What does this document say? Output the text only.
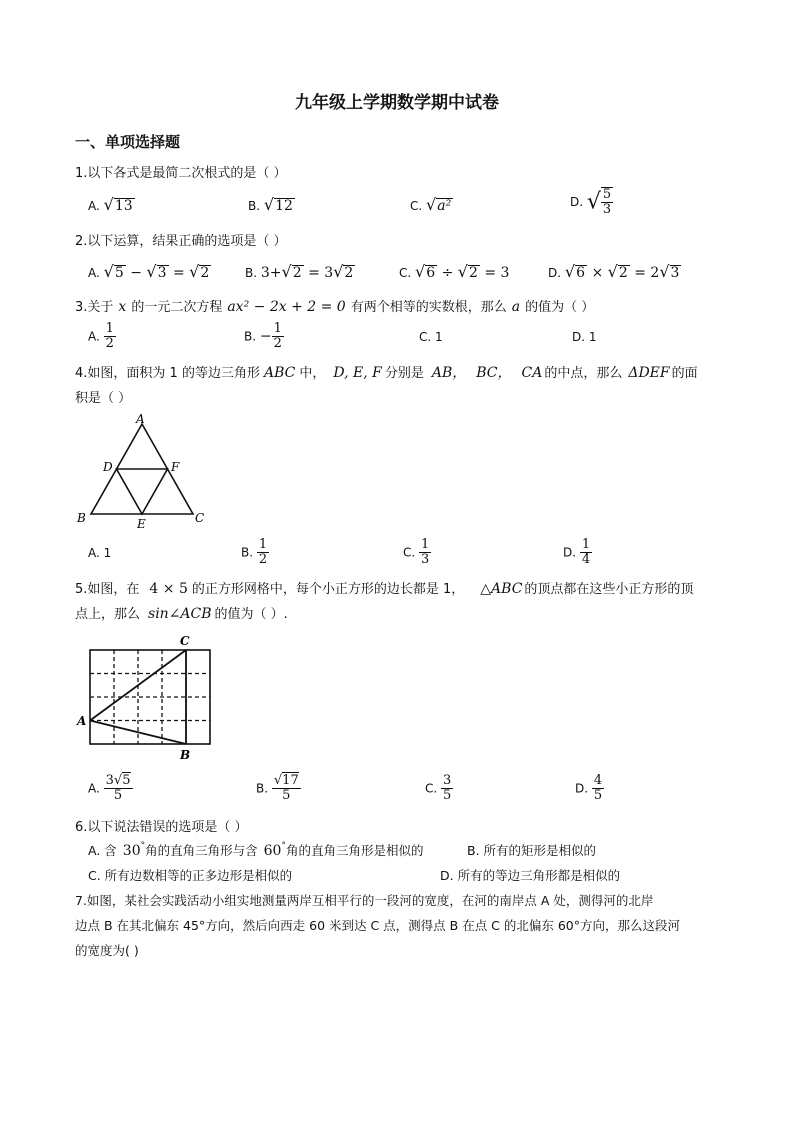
九年级上学期数学期中试卷
一、单项选择题
1.以下各式是最简二次根式的是（ ）
A. √13	B. √12	C. √a²	D. √ $\frac{5}{3}$
2.以下运算，结果正确的选项是（ ）
A. √5 − √3 = √2	B. 3+√2 = 3√2	C. √6 ÷ √2 = 3	D. √6 × √2 = 2√3
3.关于 x 的一元二次方程 ax² − 2x + 2 = 0 有两个相等的实数根，那么 a 的值为（ ）
A. $\frac{1}{2}$	B. − $\frac{1}{2}$	C. 1	D. 1
4.如图，面积为 1 的等边三角形 ABC 中， D, E, F 分别是 AB， BC， CA 的中点，那么 ΔDEF 的面
积是（ ）
A
B	C
D
E
F
A. 1	B. $\frac{1}{2}$	C. $\frac{1}{3}$	D. $\frac{1}{4}$
5.如图，在 4 × 5 的正方形网格中，每个小正方形的边长都是 1， △ABC 的顶点都在这些小正方形的顶
点上，那么 sin∠ACB 的值为（ ）.
C
A
B
A. $\frac{3√5}{5}$	B. $\frac{√17}{5}$	C. $\frac{3}{5}$	D. $\frac{4}{5}$
6.以下说法错误的选项是（ ）
A. 含 30°角的直角三角形与含 60°角的直角三角形是相似的	B. 所有的矩形是相似的
C. 所有边数相等的正多边形是相似的	D. 所有的等边三角形都是相似的
7.如图，某社会实践活动小组实地测量两岸互相平行的一段河的宽度，在河的南岸点 A 处，测得河的北岸
边点 B 在其北偏东 45°方向，然后向西走 60 米到达 C 点，测得点 B 在点 C 的北偏东 60°方向，那么这段河
的宽度为( )
